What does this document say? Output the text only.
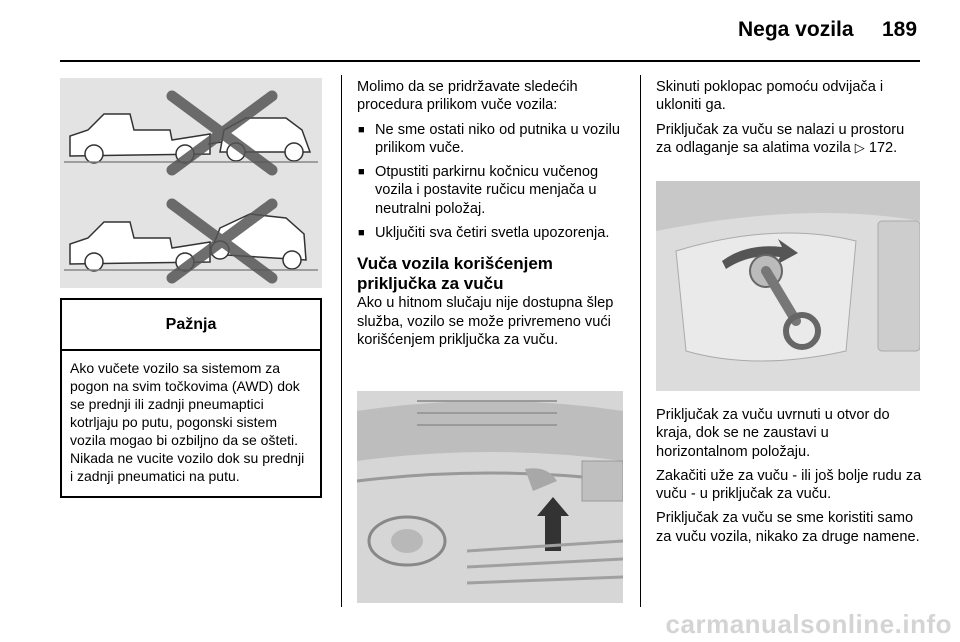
Nega vozila 189
Pažnja
Ako vučete vozilo sa sistemom za pogon na svim točkovima (AWD) dok se prednji ili zadnji pneumaptici kotrljaju po putu, pogonski sistem vozila mogao bi ozbiljno da se ošteti. Nikada ne vucite vozilo dok su prednji i zadnji pneumatici na putu.

Molimo da se pridržavate sledećih procedura prilikom vuče vozila:

■ Ne sme ostati niko od putnika u vozilu prilikom vuče.
■ Otpustiti parkirnu kočnicu vučenog vozila i postavite ručicu menjača u neutralni položaj.
■ Uključiti sva četiri svetla upozorenja.
Vuča vozila korišćenjem priključka za vuču

Ako u hitnom slučaju nije dostupna šlep služba, vozilo se može privremeno vući korišćenjem priključka za vuču.

Skinuti poklopac pomoću odvijača i ukloniti ga.

Priključak za vuču se nalazi u prostoru za odlaganje sa alatima vozila ▷ 172.

Priključak za vuču uvrnuti u otvor do kraja, dok se ne zaustavi u horizontalnom položaju.

Zakačiti uže za vuču - ili još bolje rudu za vuču - u priključak za vuču.

Priključak za vuču se sme koristiti samo za vuču vozila, nikako za druge namene.

carmanualsonline.info
